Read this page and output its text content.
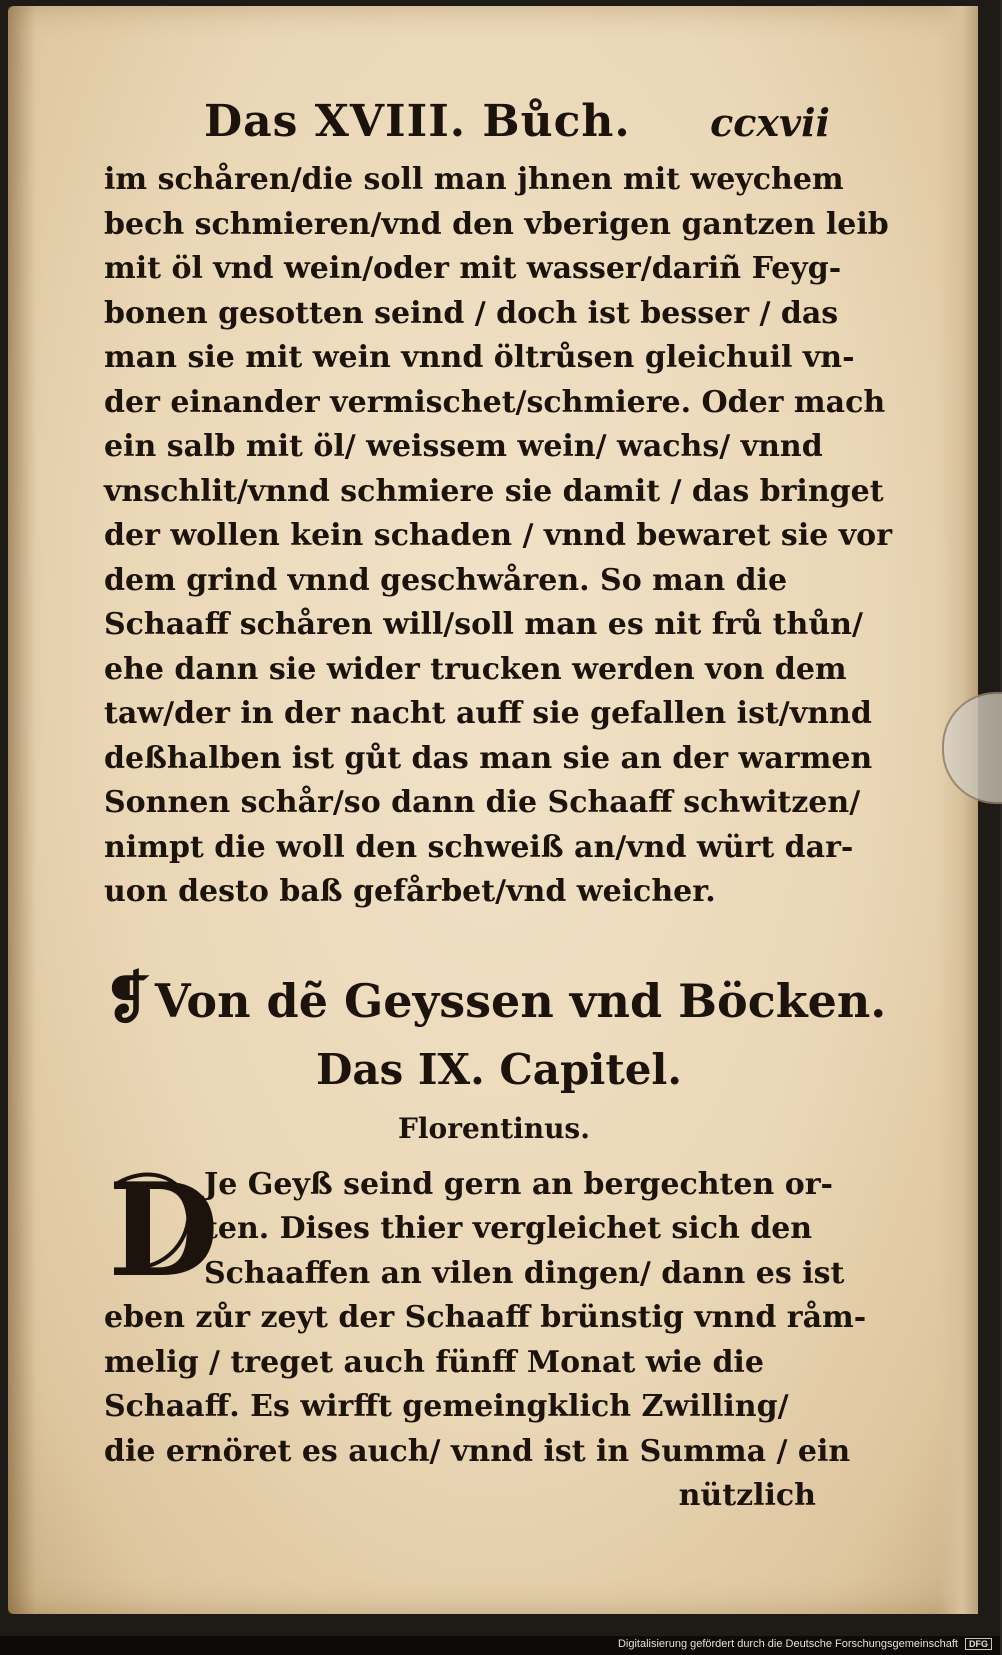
Das XVIII. Bůch. ccxvii
im schåren/die soll man jhnen mit weychem
bech schmieren/vnd den vberigen gantzen leib
mit öl vnd wein/oder mit wasser/dariñ Feyg-
bonen gesotten seind / doch ist besser / das
man sie mit wein vnnd öltrůsen gleichuil vn-
der einander vermischet/schmiere. Oder mach
ein salb mit öl/ weissem wein/ wachs/ vnnd
vnschlit/vnnd schmiere sie damit / das bringet
der wollen kein schaden / vnnd bewaret sie vor
dem grind vnnd geschwåren. So man die
Schaaff schåren will/soll man es nit frů thůn/
ehe dann sie wider trucken werden von dem
taw/der in der nacht auff sie gefallen ist/vnnd
deßhalben ist gůt das man sie an der warmen
Sonnen schår/so dann die Schaaff schwitzen/
nimpt die woll den schweiß an/vnd würt dar-
uon desto baß gefårbet/vnd weicher.
❡Von dẽ Geyssen vnd Böcken.
Das IX. Capitel.
Florentinus.
D
Je Geyß seind gern an bergechten or-
ten. Dises thier vergleichet sich den
Schaaffen an vilen dingen/ dann es ist
eben zůr zeyt der Schaaff brünstig vnnd råm-
melig / treget auch fünff Monat wie die
Schaaff. Es wirfft gemeingklich Zwilling/
die ernöret es auch/ vnnd ist in Summa / ein
nützlich
Digitalisierung gefördert durch die Deutsche Forschungsgemeinschaft DFG
